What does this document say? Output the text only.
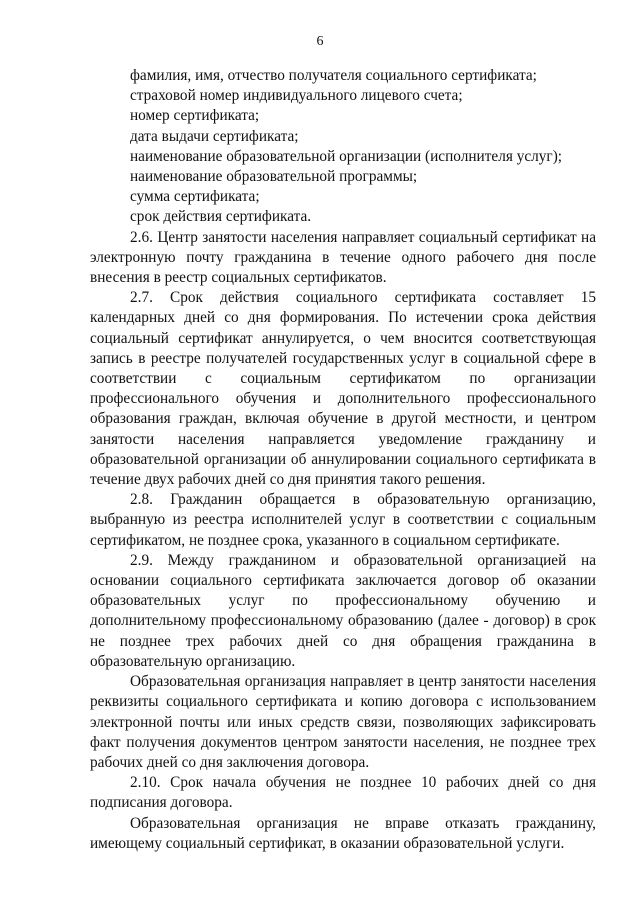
6

фамилия, имя, отчество получателя социального сертификата;

страховой номер индивидуального лицевого счета;

номер сертификата;

дата выдачи сертификата;

наименование образовательной организации (исполнителя услуг);

наименование образовательной программы;

сумма сертификата;

срок действия сертификата.

2.6. Центр занятости населения направляет социальный сертификат на электронную почту гражданина в течение одного рабочего дня после внесения в реестр социальных сертификатов.

2.7. Срок действия социального сертификата составляет 15 календарных дней со дня формирования. По истечении срока действия социальный сертификат аннулируется, о чем вносится соответствующая запись в реестре получателей государственных услуг в социальной сфере в соответствии с социальным сертификатом по организации профессионального обучения и дополнительного профессионального образования граждан, включая обучение в другой местности, и центром занятости населения направляется уведомление гражданину и образовательной организации об аннулировании социального сертификата в течение двух рабочих дней со дня принятия такого решения.

2.8. Гражданин обращается в образовательную организацию, выбранную из реестра исполнителей услуг в соответствии с социальным сертификатом, не позднее срока, указанного в социальном сертификате.

2.9. Между гражданином и образовательной организацией на основании социального сертификата заключается договор об оказании образовательных услуг по профессиональному обучению и дополнительному профессиональному образованию (далее - договор) в срок не позднее трех рабочих дней со дня обращения гражданина в образовательную организацию.

Образовательная организация направляет в центр занятости населения реквизиты социального сертификата и копию договора с использованием электронной почты или иных средств связи, позволяющих зафиксировать факт получения документов центром занятости населения, не позднее трех рабочих дней со дня заключения договора.

2.10. Срок начала обучения не позднее 10 рабочих дней со дня подписания договора.

Образовательная организация не вправе отказать гражданину, имеющему социальный сертификат, в оказании образовательной услуги.
